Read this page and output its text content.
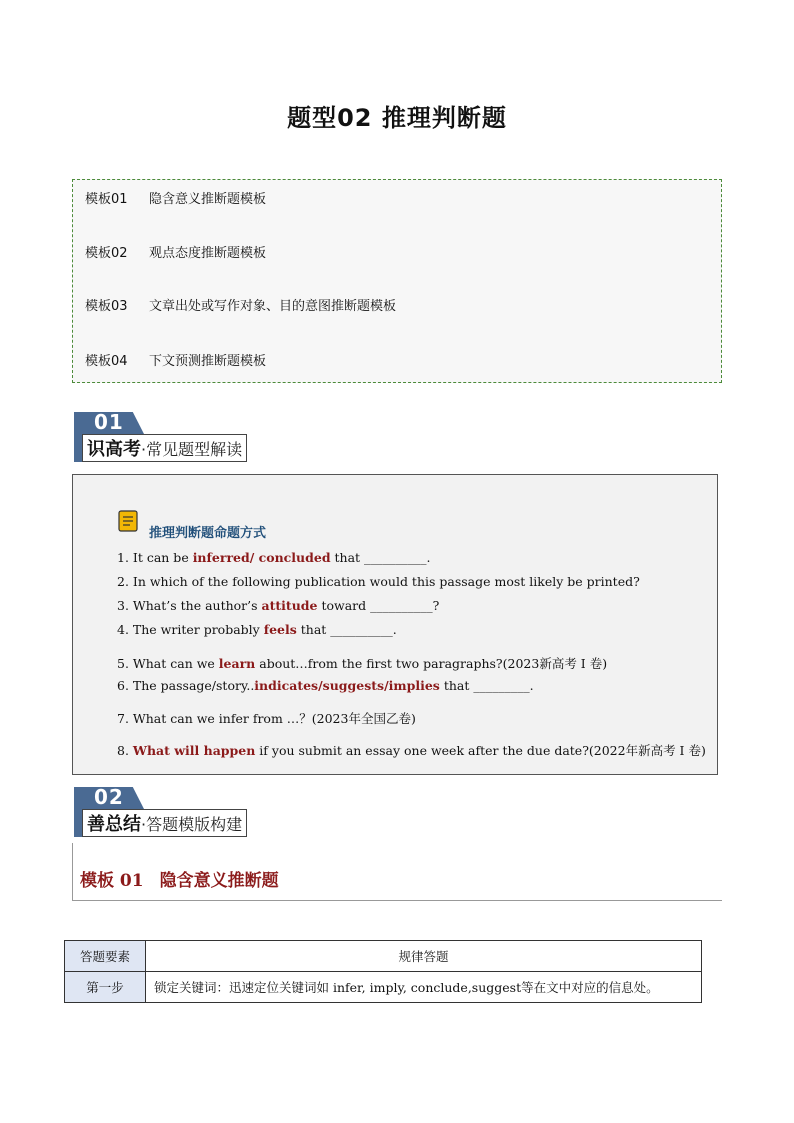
题型02 推理判断题
模板01 隐含意义推断题模板
模板02 观点态度推断题模板
模板03 文章出处或写作对象、目的意图推断题模板
模板04 下文预测推断题模板
01
识高考 ·常见题型解读
推理判断题命题方式
1. It can be inferred/ concluded that __________.
2. In which of the following publication would this passage most likely be printed?
3. What’s the author’s attitude toward __________?
4. The writer probably feels that __________.
5. What can we learn about…from the first two paragraphs?(2023新高考 I 卷)
6. The passage/story..indicates/suggests/implies that _________.
7. What can we infer from …？(2023年全国乙卷)
8. What will happen if you submit an essay one week after the due date?(2022年新高考 I 卷)
02
善总结 ·答题模版构建
模板 01 隐含意义推断题
答题要素	规律答题
第一步	锁定关键词：迅速定位关键词如 infer, imply, conclude,suggest等在文中对应的信息处。
